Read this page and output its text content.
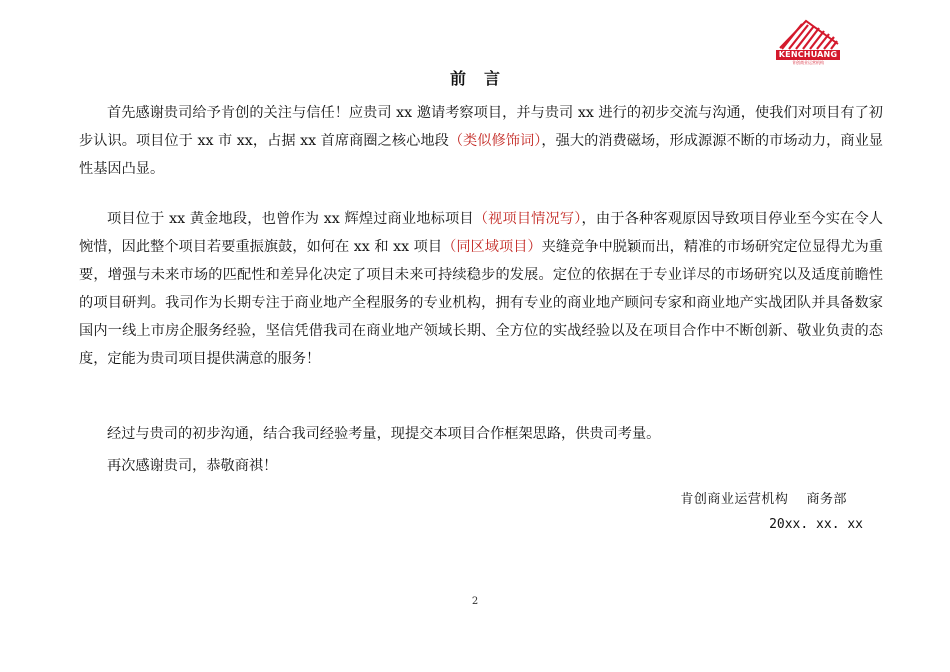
KENCHUANG
肯创商业运营机构
前言

首先感谢贵司给予肯创的关注与信任！应贵司 xx 邀请考察项目，并与贵司 xx 进行的初步交流与沟通，使我们对项目有了初步认识。项目位于 xx 市 xx，占据 xx 首席商圈之核心地段（类似修饰词），强大的消费磁场，形成源源不断的市场动力，商业显性基因凸显。

项目位于 xx 黄金地段，也曾作为 xx 辉煌过商业地标项目（视项目情况写），由于各种客观原因导致项目停业至今实在令人惋惜，因此整个项目若要重振旗鼓，如何在 xx 和 xx 项目（同区域项目）夹缝竞争中脱颖而出，精准的市场研究定位显得尤为重要，增强与未来市场的匹配性和差异化决定了项目未来可持续稳步的发展。定位的依据在于专业详尽的市场研究以及适度前瞻性的项目研判。我司作为长期专注于商业地产全程服务的专业机构，拥有专业的商业地产顾问专家和商业地产实战团队并具备数家国内一线上市房企服务经验，坚信凭借我司在商业地产领域长期、全方位的实战经验以及在项目合作中不断创新、敬业负责的态度，定能为贵司项目提供满意的服务！

经过与贵司的初步沟通，结合我司经验考量，现提交本项目合作框架思路，供贵司考量。

再次感谢贵司，恭敬商祺！

肯创商业运营机构　 商务部
20xx. xx. xx
2
